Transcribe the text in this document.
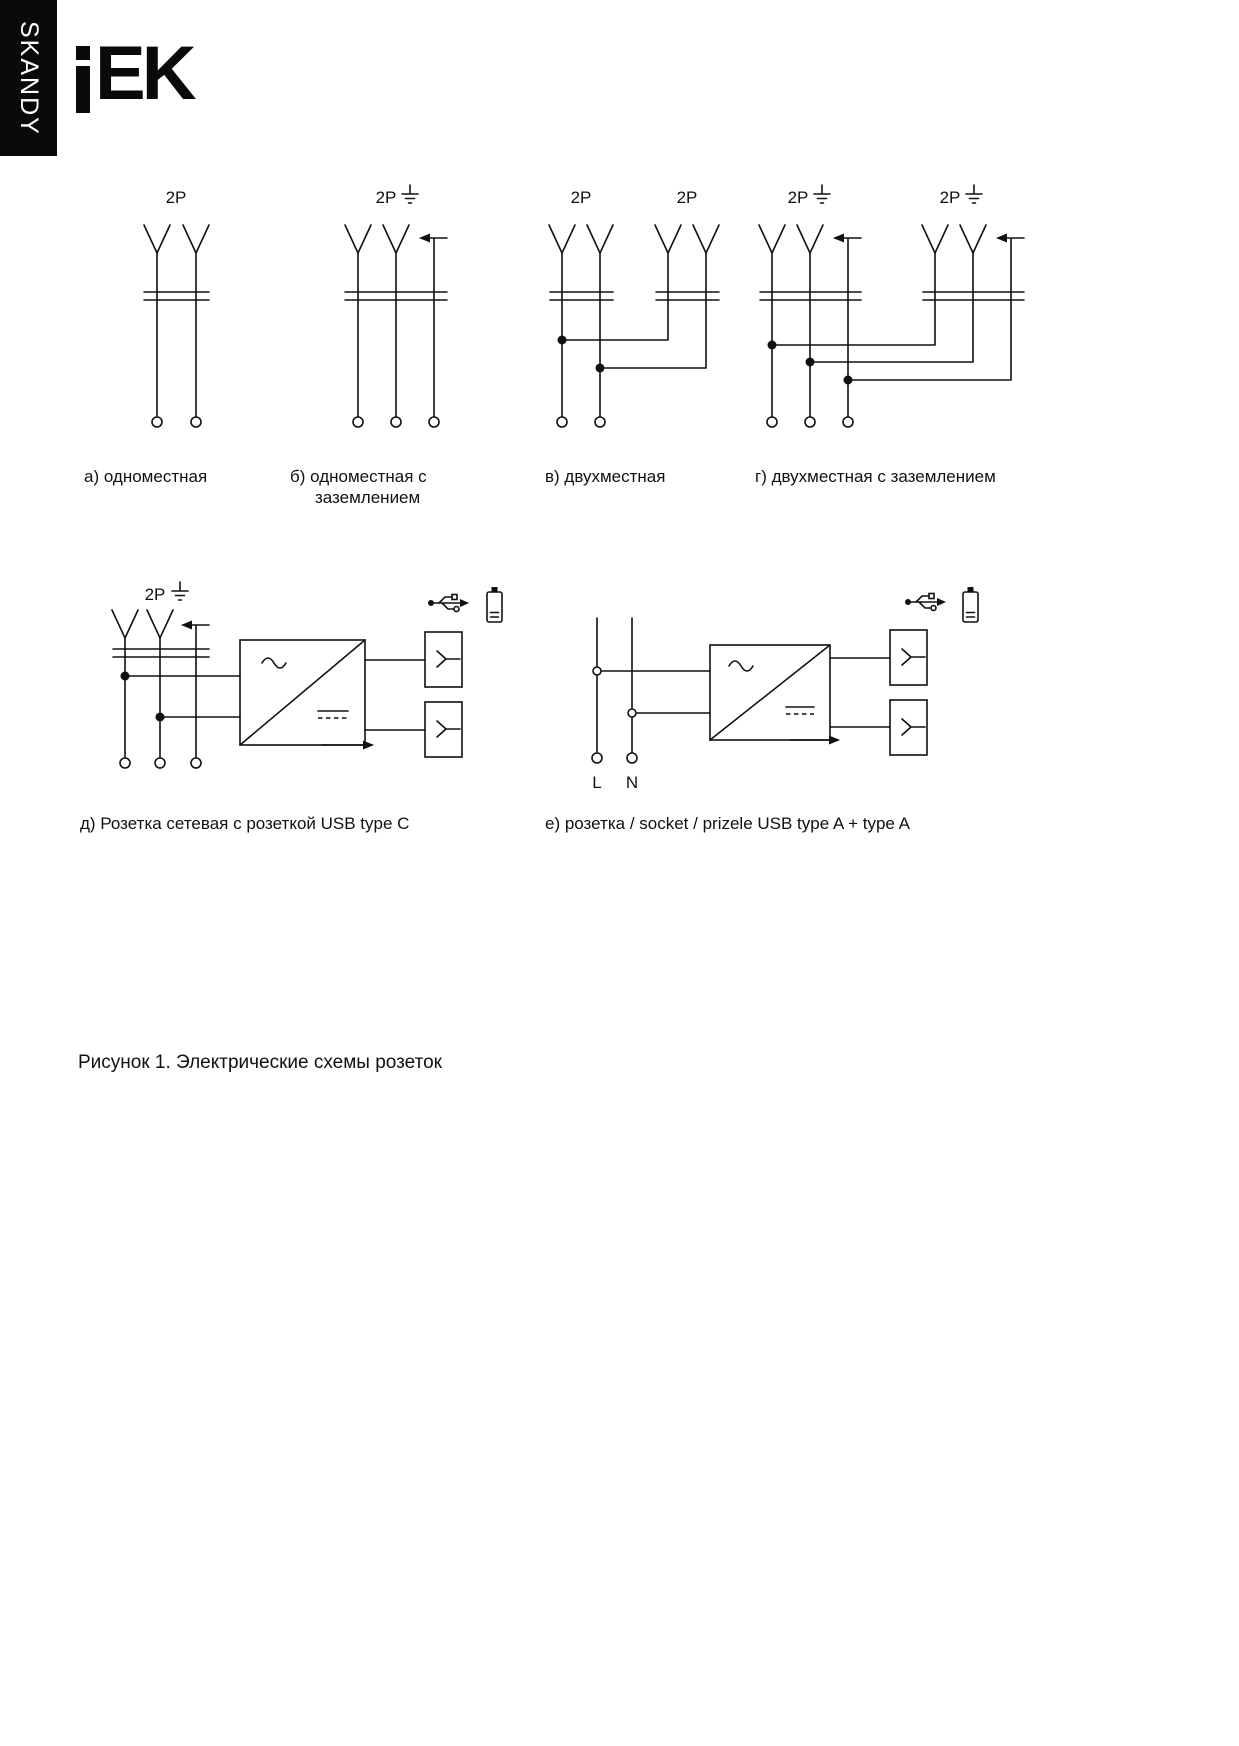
SKANDY EK
2P	2P	2P	2P	2P	2P
2P
L N
а) одноместная	б) одноместная с
заземлением
в) двухместная	г) двухместная с заземлением
д) Розетка сетевая с розеткой USB type C	е) розетка / socket / prizele USB type A + type A
Рисунок 1. Электрические схемы розеток
